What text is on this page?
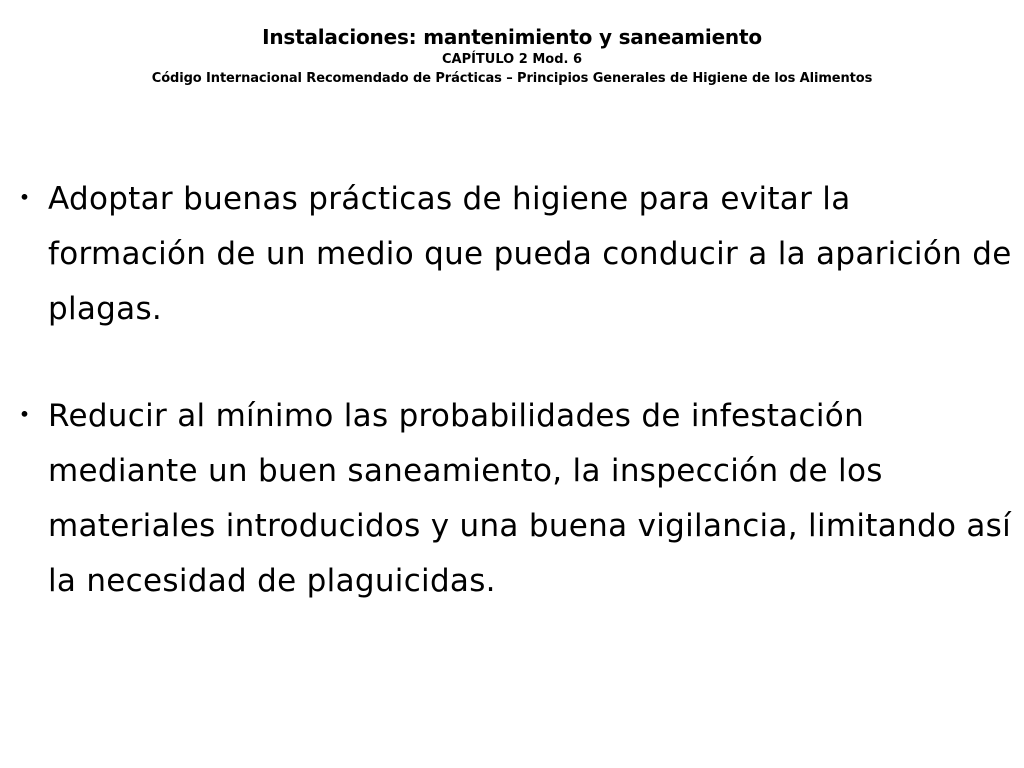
Instalaciones: mantenimiento y saneamiento
CAPÍTULO 2 Mod. 6
Código Internacional Recomendado de Prácticas – Principios Generales de Higiene de los Alimentos
・ Adoptar buenas prácticas de higiene para evitar la formación de un medio que pueda conducir a la aparición de plagas.
・ Reducir al mínimo las probabilidades de infestación mediante un buen saneamiento, la inspección de los materiales introducidos y una buena vigilancia, limitando así la necesidad de plaguicidas.
